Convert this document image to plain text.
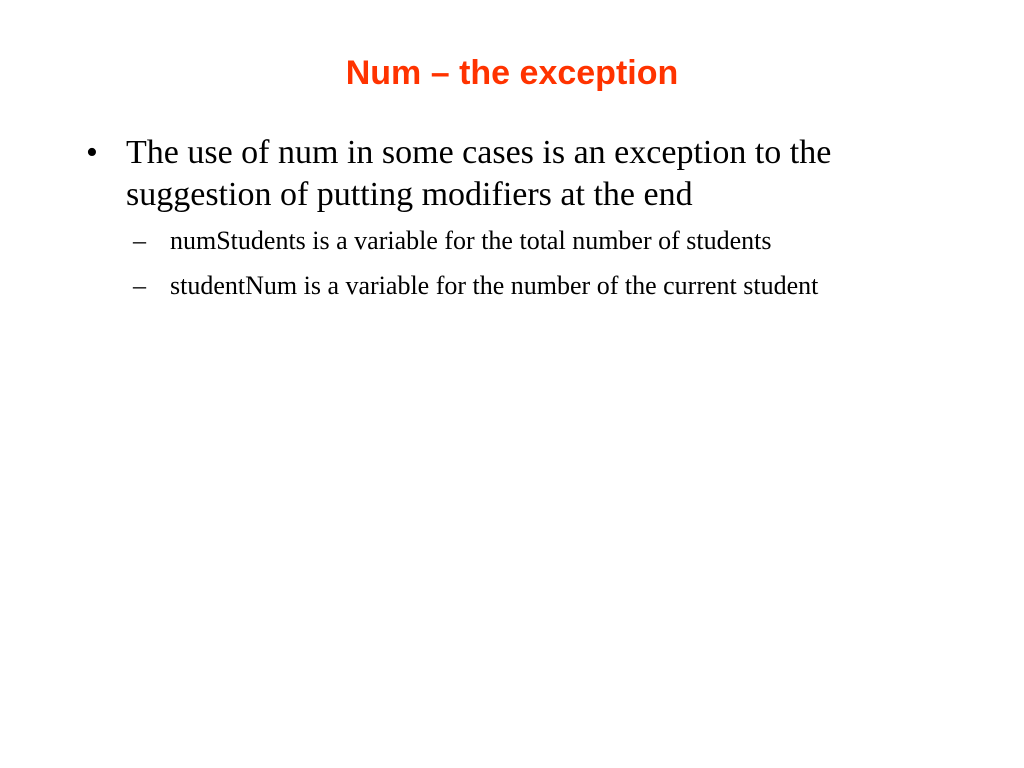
Num – the exception
• The use of num in some cases is an exception to the suggestion of putting modifiers at the end
– numStudents is a variable for the total number of students
– studentNum is a variable for the number of the current student
